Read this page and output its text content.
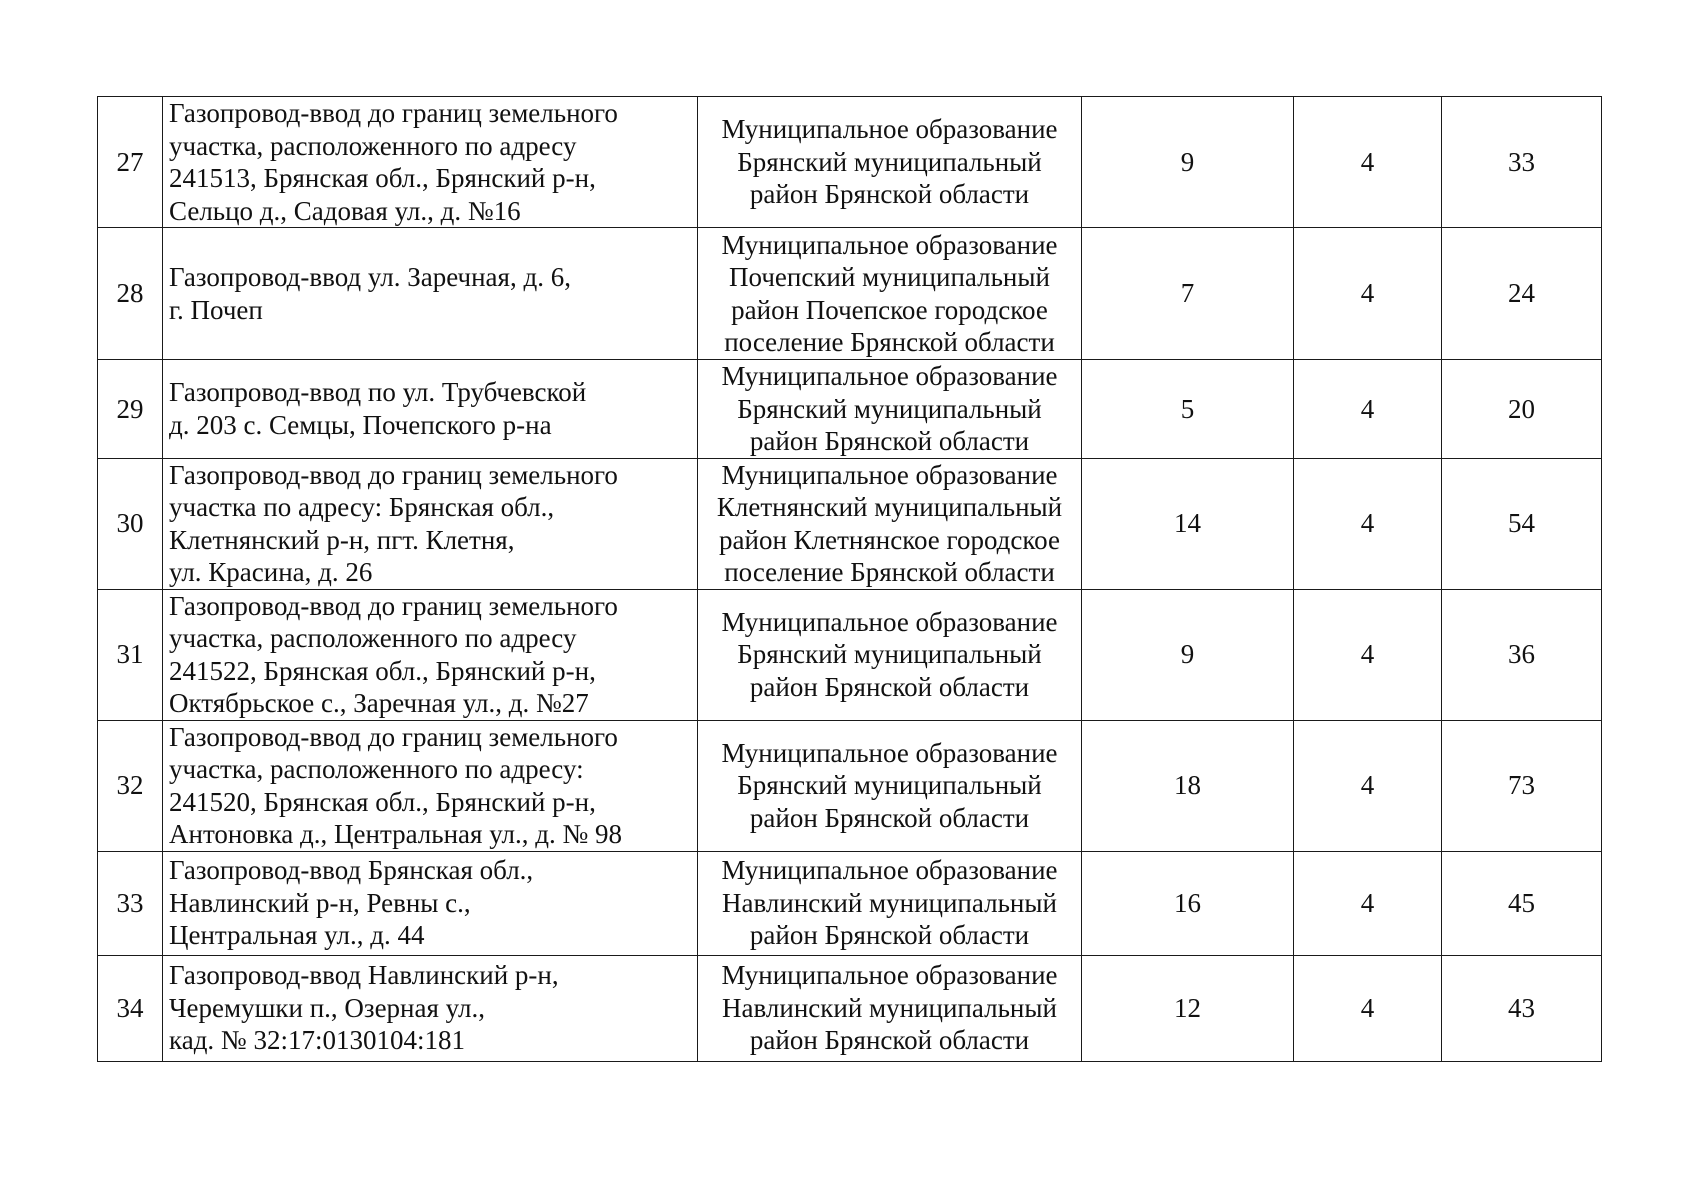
27	Газопровод-ввод до границ земельного
участка, расположенного по адресу
241513, Брянская обл., Брянский р-н,
Сельцо д., Садовая ул., д. №16	Муниципальное образование
Брянский муниципальный
район Брянской области	9	4	33
28	Газопровод-ввод ул. Заречная, д. 6,
г. Почеп	Муниципальное образование
Почепский муниципальный
район Почепское городское
поселение Брянской области	7	4	24
29	Газопровод-ввод по ул. Трубчевской
д. 203 с. Семцы, Почепского р-на	Муниципальное образование
Брянский муниципальный
район Брянской области	5	4	20
30	Газопровод-ввод до границ земельного
участка по адресу: Брянская обл.,
Клетнянский р-н, пгт. Клетня,
ул. Красина, д. 26	Муниципальное образование
Клетнянский муниципальный
район Клетнянское городское
поселение Брянской области	14	4	54
31	Газопровод-ввод до границ земельного
участка, расположенного по адресу
241522, Брянская обл., Брянский р-н,
Октябрьское с., Заречная ул., д. №27	Муниципальное образование
Брянский муниципальный
район Брянской области	9	4	36
32	Газопровод-ввод до границ земельного
участка, расположенного по адресу:
241520, Брянская обл., Брянский р-н,
Антоновка д., Центральная ул., д. № 98	Муниципальное образование
Брянский муниципальный
район Брянской области	18	4	73
33	Газопровод-ввод Брянская обл.,
Навлинский р-н, Ревны с.,
Центральная ул., д. 44	Муниципальное образование
Навлинский муниципальный
район Брянской области	16	4	45
34	Газопровод-ввод Навлинский р-н,
Черемушки п., Озерная ул.,
кад. № 32:17:0130104:181	Муниципальное образование
Навлинский муниципальный
район Брянской области	12	4	43
